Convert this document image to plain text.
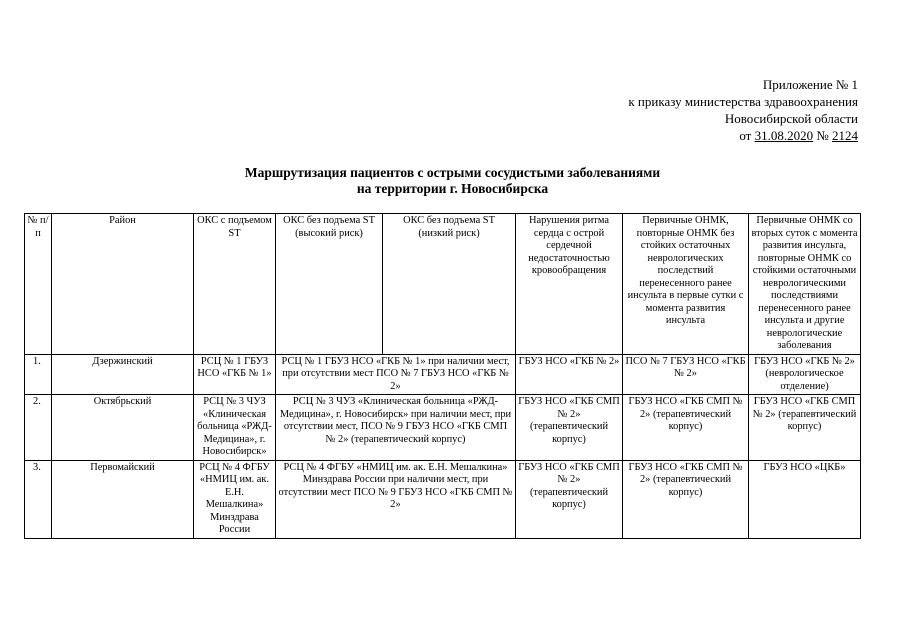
Приложение № 1
к приказу министерства здравоохранения
Новосибирской области
от 31.08.2020 № 2124
Маршрутизация пациентов с острыми сосудистыми заболеваниями
на территории г. Новосибирска
№ п/п	Район	ОКС с подъемом ST	ОКС без подъема ST (высокий риск)	ОКС без подъема ST (низкий риск)	Нарушения ритма сердца с острой сердечной недостаточностью кровообращения	Первичные ОНМК, повторные ОНМК без стойких остаточных неврологических последствий перенесенного ранее инсульта в первые сутки с момента развития инсульта	Первичные ОНМК со вторых суток с момента развития инсульта, повторные ОНМК со стойкими остаточными неврологическими последствиями перенесенного ранее инсульта и другие неврологические заболевания
1.	Дзержинский	РСЦ № 1 ГБУЗ НСО «ГКБ № 1»	РСЦ № 1 ГБУЗ НСО «ГКБ № 1» при наличии мест, при отсутствии мест ПСО № 7 ГБУЗ НСО «ГКБ № 2»		ГБУЗ НСО «ГКБ № 2»	ПСО № 7 ГБУЗ НСО «ГКБ № 2»	ГБУЗ НСО «ГКБ № 2» (неврологическое отделение)
2.	Октябрьский	РСЦ № 3 ЧУЗ «Клиническая больница «РЖД-Медицина», г. Новосибирск»	РСЦ № 3 ЧУЗ «Клиническая больница «РЖД-Медицина», г. Новосибирск» при наличии мест, при отсутствии мест, ПСО № 9 ГБУЗ НСО «ГКБ СМП № 2» (терапевтический корпус)		ГБУЗ НСО «ГКБ СМП № 2» (терапевтический корпус)	ГБУЗ НСО «ГКБ СМП № 2» (терапевтический корпус)	ГБУЗ НСО «ГКБ СМП № 2» (терапевтический корпус)
3.	Первомайский	РСЦ № 4 ФГБУ «НМИЦ им. ак. Е.Н. Мешалкина» Минздрава России	РСЦ № 4 ФГБУ «НМИЦ им. ак. Е.Н. Мешалкина» Минздрава России при наличии мест, при отсутствии мест ПСО № 9 ГБУЗ НСО «ГКБ СМП № 2»		ГБУЗ НСО «ГКБ СМП № 2» (терапевтический корпус)	ГБУЗ НСО «ГКБ СМП № 2» (терапевтический корпус)	ГБУЗ НСО «ЦКБ»
